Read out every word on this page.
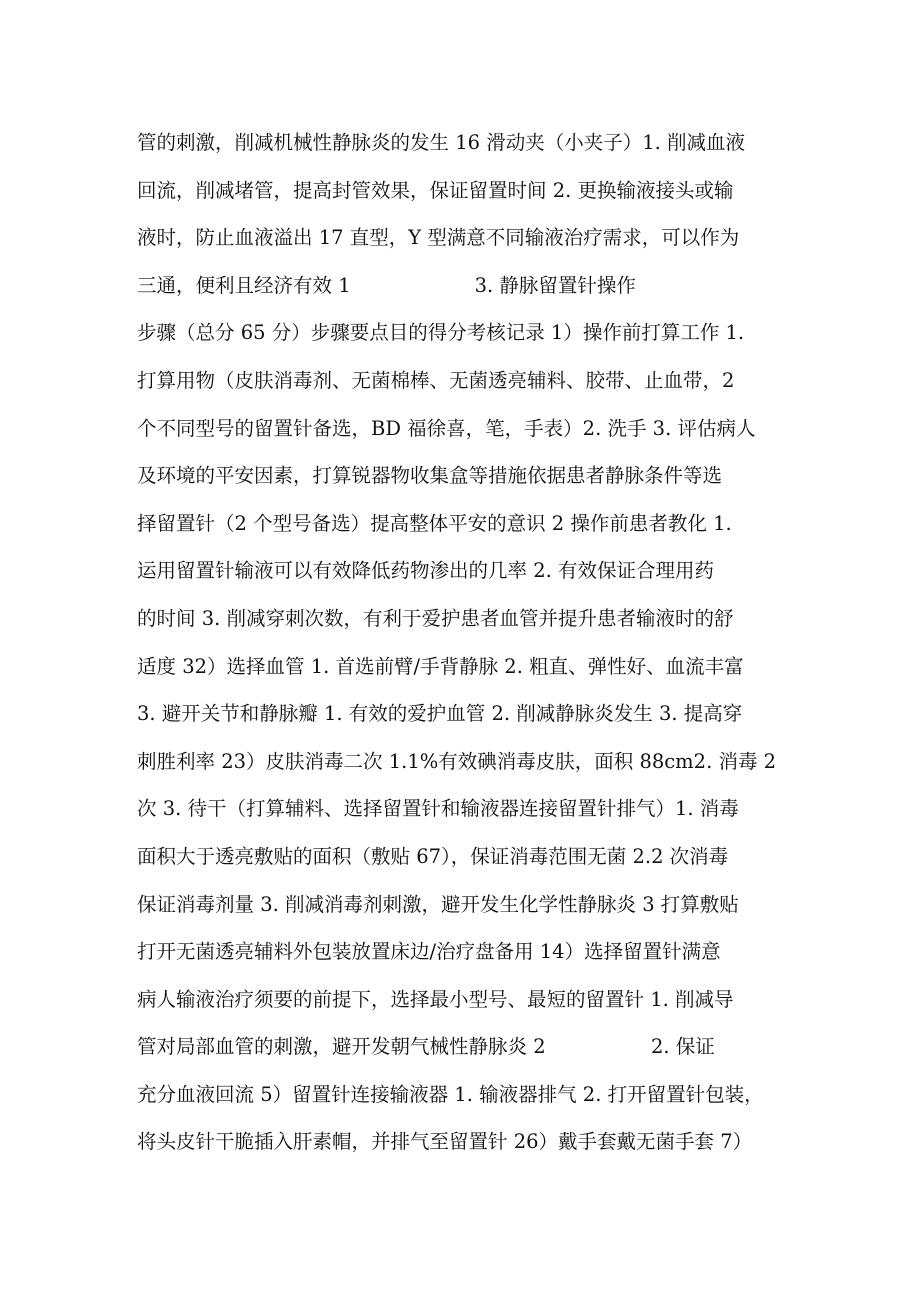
管的刺激，削减机械性静脉炎的发生 16 滑动夹（小夹子）1. 削减血液
回流，削减堵管，提高封管效果，保证留置时间 2. 更换输液接头或输
液时，防止血液溢出 17 直型，Y 型满意不同输液治疗需求，可以作为
三通，便利且经济有效 1                    3. 静脉留置针操作
步骤（总分 65 分）步骤要点目的得分考核记录 1）操作前打算工作 1.
打算用物（皮肤消毒剂、无菌棉棒、无菌透亮辅料、胶带、止血带，2
个不同型号的留置针备选，BD 福徐喜，笔，手表）2. 洗手 3. 评估病人
及环境的平安因素，打算锐器物收集盒等措施依据患者静脉条件等选
择留置针（2 个型号备选）提高整体平安的意识 2 操作前患者教化 1.
运用留置针输液可以有效降低药物渗出的几率 2. 有效保证合理用药
的时间 3. 削减穿刺次数，有利于爱护患者血管并提升患者输液时的舒
适度 32）选择血管 1. 首选前臂/手背静脉 2. 粗直、弹性好、血流丰富
3. 避开关节和静脉瓣 1. 有效的爱护血管 2. 削减静脉炎发生 3. 提高穿
刺胜利率 23）皮肤消毒二次 1.1%有效碘消毒皮肤，面积 88cm2. 消毒 2
次 3. 待干（打算辅料、选择留置针和输液器连接留置针排气）1. 消毒
面积大于透亮敷贴的面积（敷贴 67），保证消毒范围无菌 2.2 次消毒
保证消毒剂量 3. 削减消毒剂刺激，避开发生化学性静脉炎 3 打算敷贴
打开无菌透亮辅料外包装放置床边/治疗盘备用 14）选择留置针满意
病人输液治疗须要的前提下，选择最小型号、最短的留置针 1. 削减导
管对局部血管的刺激，避开发朝气械性静脉炎 2                 2. 保证
充分血液回流 5）留置针连接输液器 1. 输液器排气 2. 打开留置针包装，
将头皮针干脆插入肝素帽，并排气至留置针 26）戴手套戴无菌手套 7）
